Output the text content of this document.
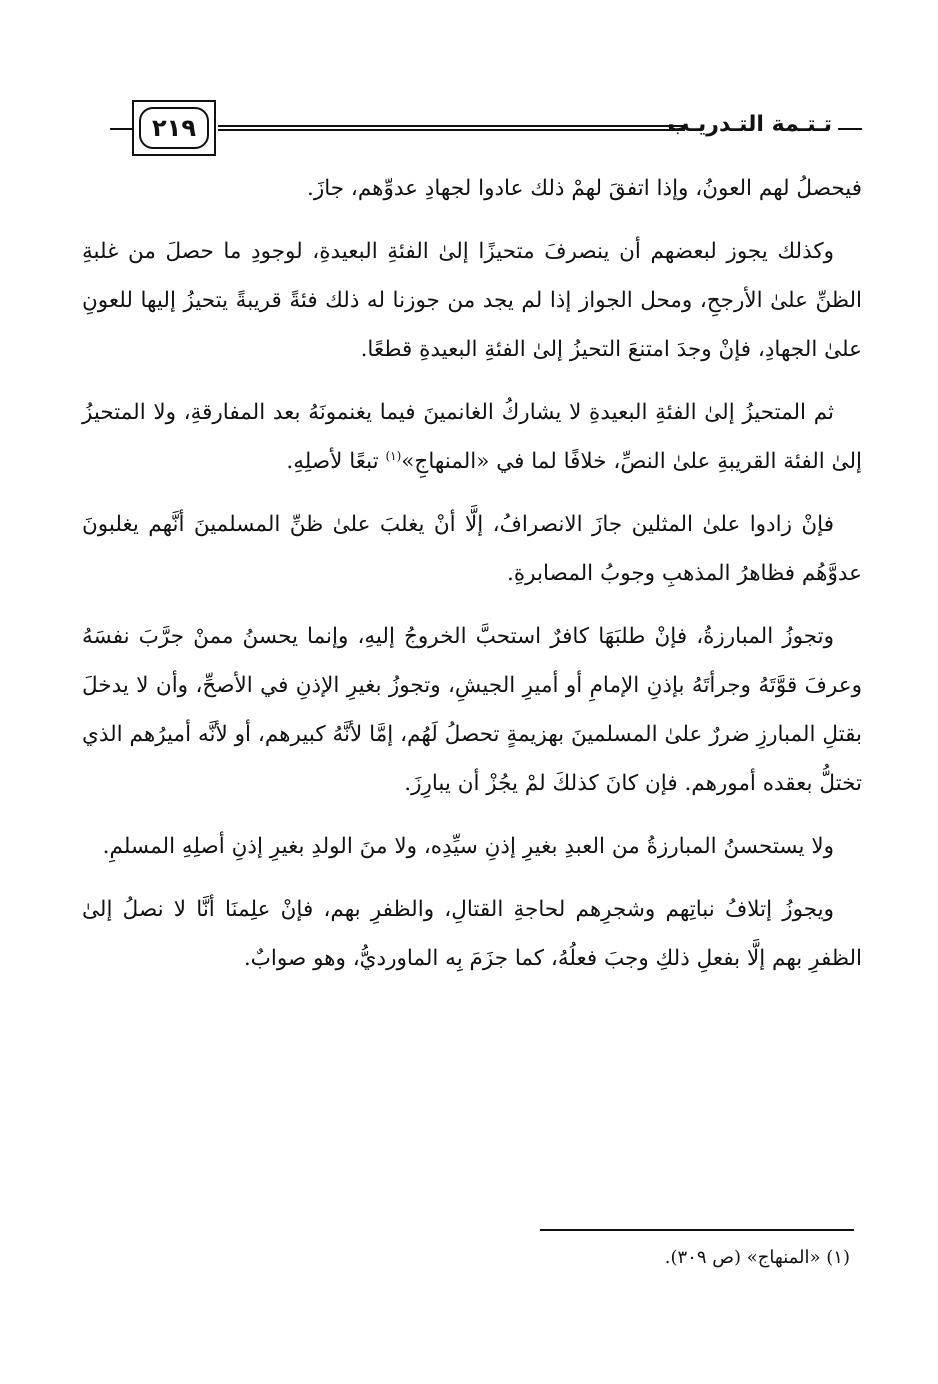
٢١٩	تـتـمة التـدريـب

فيحصلُ لهم العونُ، وإذا اتفقَ لهمْ ذلك عادوا لجهادِ عدوِّهم، جازَ.

وكذلك يجوز لبعضهم أن ينصرفَ متحيزًا إلىٰ الفئةِ البعيدةِ، لوجودِ ما حصلَ من غلبةِ الظنِّ علىٰ الأرجحِ، ومحل الجواز إذا لم يجد من جوزنا له ذلك فئةً قريبةً يتحيزُ إليها للعونِ علىٰ الجهادِ، فإنْ وجدَ امتنعَ التحيزُ إلىٰ الفئةِ البعيدةِ قطعًا.

ثم المتحيزُ إلىٰ الفئةِ البعيدةِ لا يشاركُ الغانمينَ فيما يغنمونَهُ بعد المفارقةِ، ولا المتحيزُ إلىٰ الفئة القريبةِ علىٰ النصِّ، خلافًا لما في «المنهاجِ»$^{(١)}$ تبعًا لأصلِهِ.

فإنْ زادوا علىٰ المثلين جازَ الانصرافُ، إلَّا أنْ يغلبَ علىٰ ظنِّ المسلمينَ أنَّهم يغلبونَ عدوَّهُم فظاهرُ المذهبِ وجوبُ المصابرةِ.

وتجوزُ المبارزةُ، فإنْ طلبَهَا كافرٌ استحبَّ الخروجُ إليهِ، وإنما يحسنُ ممنْ جرَّبَ نفسَهُ وعرفَ قوَّتَهُ وجرأتَهُ بإذنِ الإمامِ أو أميرِ الجيشِ، وتجوزُ بغيرِ الإذنِ في الأصحِّ، وأن لا يدخلَ بقتلِ المبارزِ ضررٌ علىٰ المسلمينَ بهزيمةٍ تحصلُ لَهُم، إمَّا لأنَّهُ كبيرهم، أو لأنَّه أميرُهم الذي تختلُّ بعقده أمورهم. فإن كانَ كذلكَ لمْ يجُزْ أن يبارِزَ.

ولا يستحسنُ المبارزةُ من العبدِ بغيرِ إذنِ سيِّدِه، ولا منَ الولدِ بغيرِ إذنِ أصلِهِ المسلمِ.

ويجوزُ إتلافُ نباتِهم وشجرِهم لحاجةِ القتالِ، والظفرِ بهم، فإنْ علِمنَا أنَّا لا نصلُ إلىٰ الظفرِ بهم إلَّا بفعلِ ذلكِ وجبَ فعلُهُ، كما جزَمَ بِه الماورديُّ، وهو صوابٌ.

(١) «المنهاج» (ص ٣٠٩).
